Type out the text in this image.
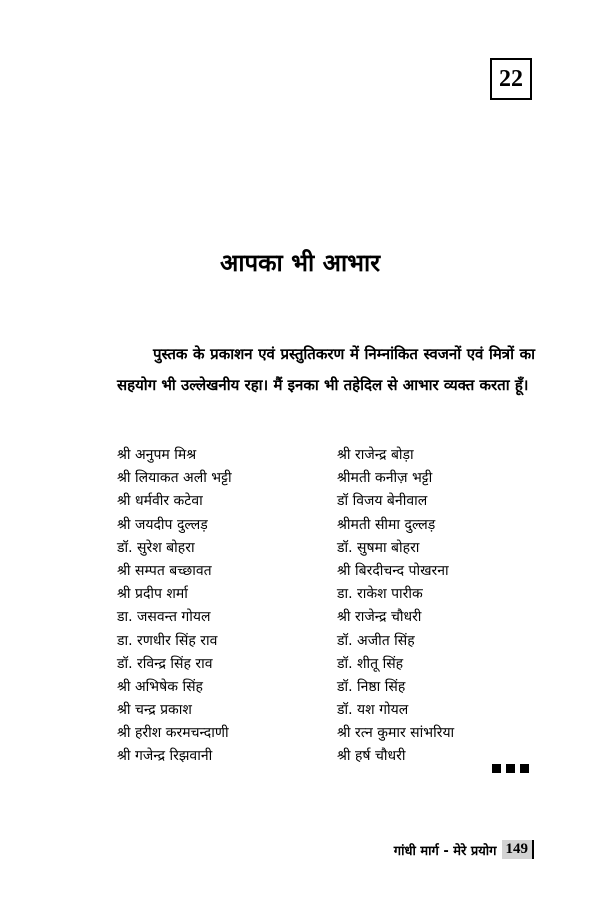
22
आपका भी आभार

पुस्तक के प्रकाशन एवं प्रस्तुतिकरण में निम्नांकित स्वजनों एवं मित्रों का सहयोग भी उल्लेखनीय रहा। मैं इनका भी तहेदिल से आभार व्यक्त करता हूँ।

श्री अनुपम मिश्र
श्री लियाकत अली भट्टी
श्री धर्मवीर कटेवा
श्री जयदीप दुल्लड़
डॉ. सुरेश बोहरा
श्री सम्पत बच्छावत
श्री प्रदीप शर्मा
डा. जसवन्त गोयल
डा. रणधीर सिंह राव
डॉ. रविन्द्र सिंह राव
श्री अभिषेक सिंह
श्री चन्द्र प्रकाश
श्री हरीश करमचन्दाणी
श्री गजेन्द्र रिझवानी
श्री राजेन्द्र बोड़ा
श्रीमती कनीज़ भट्टी
डॉ विजय बेनीवाल
श्रीमती सीमा दुल्लड़
डॉ. सुषमा बोहरा
श्री बिरदीचन्द पोखरना
डा. राकेश पारीक
श्री राजेन्द्र चौधरी
डॉ. अजीत सिंह
डॉ. शीतू सिंह
डॉ. निष्ठा सिंह
डॉ. यश गोयल
श्री रत्न कुमार सांभरिया
श्री हर्ष चौधरी
गांधी मार्ग - मेरे प्रयोग 149
